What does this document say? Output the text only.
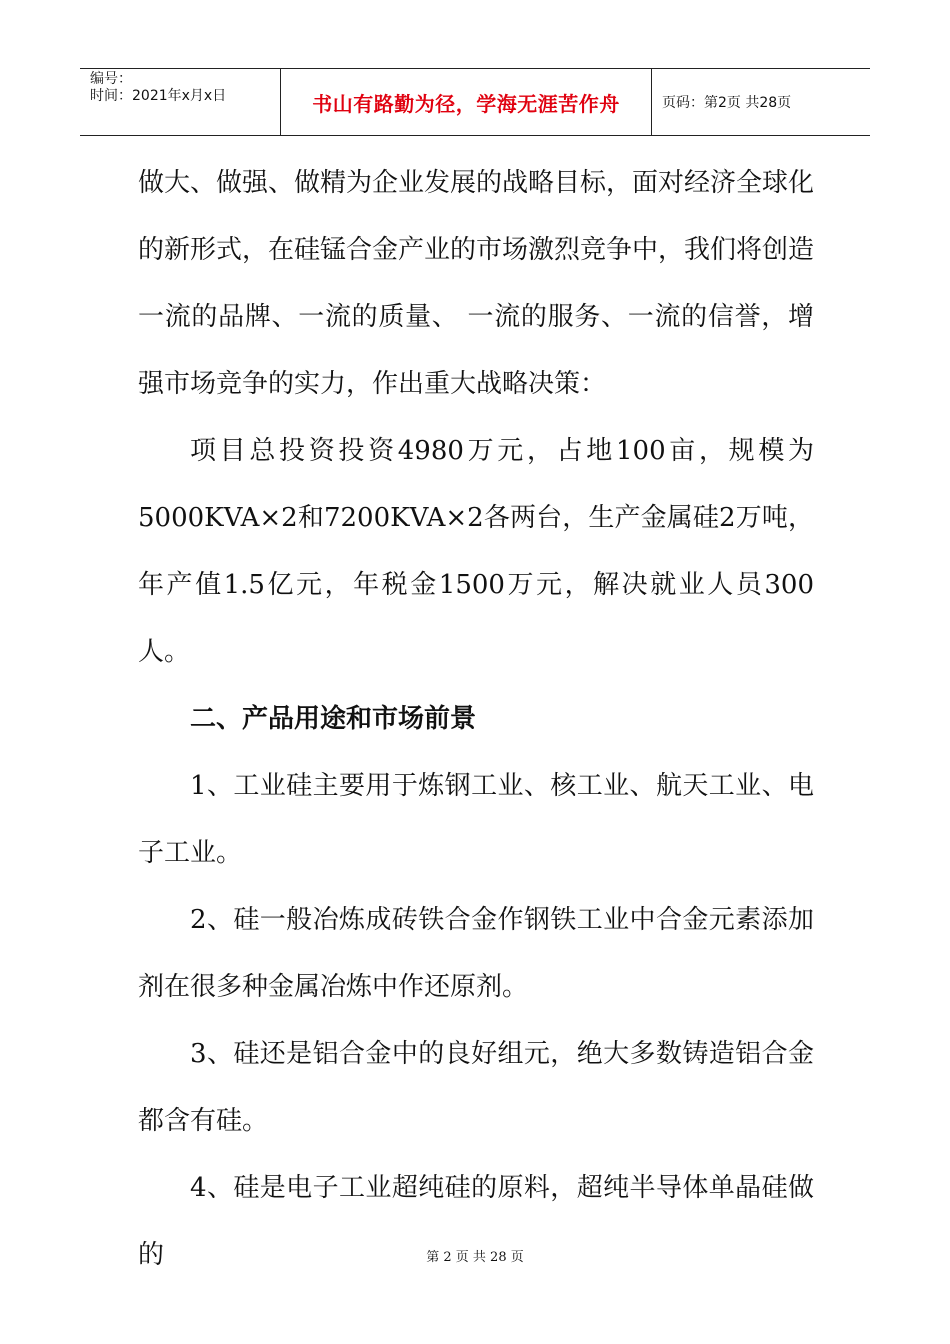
编号：
时间：2021年x月x日	书山有路勤为径，学海无涯苦作舟	页码：第2页 共28页

做大、做强、做精为企业发展的战略目标，面对经济全球化的新形式，在硅锰合金产业的市场激烈竞争中，我们将创造一流的品牌、一流的质量、 一流的服务、一流的信誉，增强市场竞争的实力，作出重大战略决策：

项目总投资投资4980万元，占地100亩，规模为5000KVA×2和7200KVA×2各两台，生产金属硅2万吨，年产值1.5亿元，年税金1500万元，解决就业人员300人。

二、产品用途和市场前景

1、工业硅主要用于炼钢工业、核工业、航天工业、电子工业。

2、硅一般冶炼成砖铁合金作钢铁工业中合金元素添加剂在很多种金属冶炼中作还原剂。

3、硅还是铝合金中的良好组元，绝大多数铸造铝合金都含有硅。

4、硅是电子工业超纯硅的原料，超纯半导体单晶硅做的	第 2 页 共 28 页
